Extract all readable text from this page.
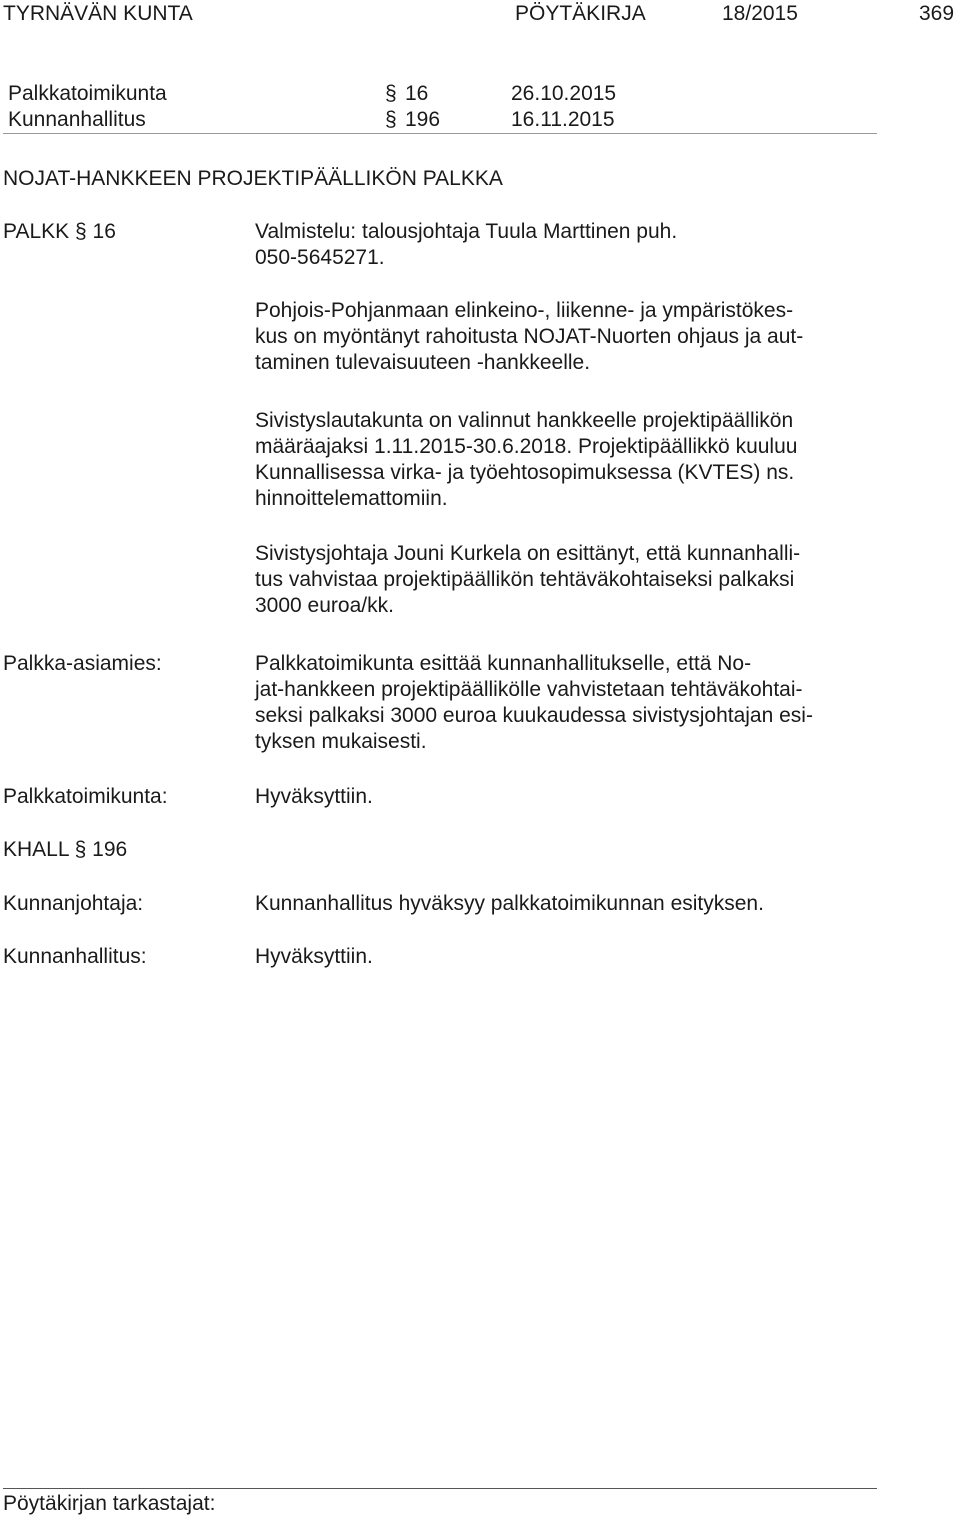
TYRNÄVÄN KUNTA	PÖYTÄKIRJA	18/2015	369
Palkkatoimikunta	§ 16	26.10.2015
Kunnanhallitus	§ 196	16.11.2015
NOJAT-HANKKEEN PROJEKTIPÄÄLLIKÖN PALKKA
PALKK § 16	Valmistelu: talousjohtaja Tuula Marttinen puh.
050-5645271.
Pohjois-Pohjanmaan elinkeino-, liikenne- ja ympäristökes-
kus on myöntänyt rahoitusta NOJAT-Nuorten ohjaus ja aut-
taminen tulevaisuuteen -hankkeelle.
Sivistyslautakunta on valinnut hankkeelle projektipäällikön
määräajaksi 1.11.2015-30.6.2018. Projektipäällikkö kuuluu
Kunnallisessa virka- ja työehtosopimuksessa (KVTES) ns.
hinnoittelemattomiin.
Sivistysjohtaja Jouni Kurkela on esittänyt, että kunnanhalli-
tus vahvistaa projektipäällikön tehtäväkohtaiseksi palkaksi
3000 euroa/kk.
Palkka-asiamies:	Palkkatoimikunta esittää kunnanhallitukselle, että No-
jat-hankkeen projektipäällikölle vahvistetaan tehtäväkohtai-
seksi palkaksi 3000 euroa kuukaudessa sivistysjohtajan esi-
tyksen mukaisesti.
Palkkatoimikunta:	Hyväksyttiin.
KHALL § 196
Kunnanjohtaja:	Kunnanhallitus hyväksyy palkkatoimikunnan esityksen.
Kunnanhallitus:	Hyväksyttiin.
Pöytäkirjan tarkastajat:
